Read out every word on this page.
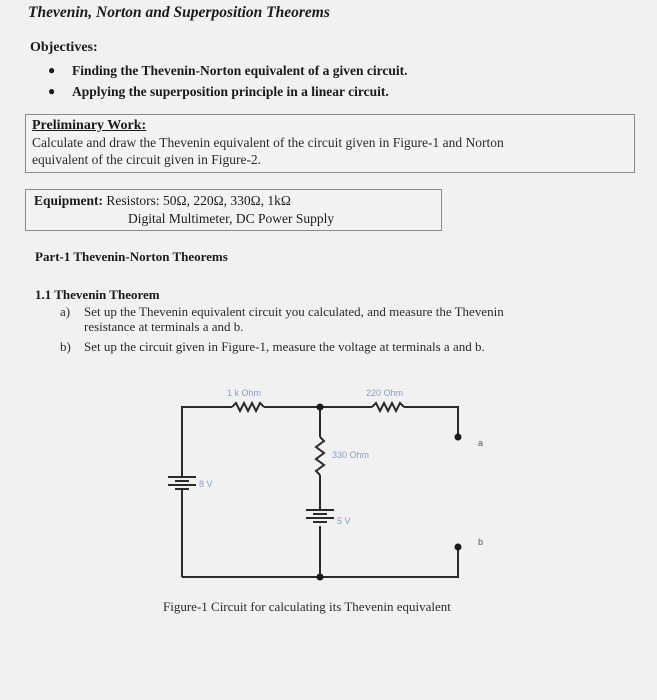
Thevenin, Norton and Superposition Theorems
Objectives:
●	Finding the Thevenin-Norton equivalent of a given circuit.
●	Applying the superposition principle in a linear circuit.
Preliminary Work:
Calculate and draw the Thevenin equivalent of the circuit given in Figure-1 and Norton
equivalent of the circuit given in Figure-2.
Equipment: Resistors: 50Ω, 220Ω, 330Ω, 1kΩ
Digital Multimeter, DC Power Supply
Part-1 Thevenin-Norton Theorems
1.1 Thevenin Theorem
a) Set up the Thevenin equivalent circuit you calculated, and measure the Thevenin
resistance at terminals a and b.
b) Set up the circuit given in Figure-1, measure the voltage at terminals a and b.
1 k Ohm	220 Ohm
330 Ohm
8 V
5 V
a
b
Figure-1 Circuit for calculating its Thevenin equivalent
